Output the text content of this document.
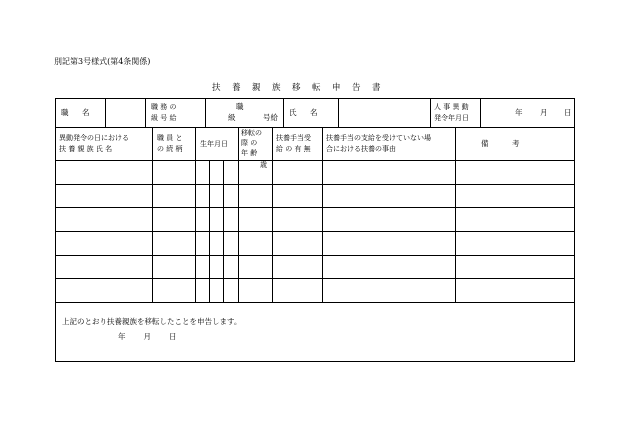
別記第3号様式(第4条関係)
扶養親族移転申告書
職　名
職 務 の
級 号 給
職
級	号給
氏　名
人 事 異 動
発令年月日
年 月 日
異動発令の日における
扶 養 親 族 氏 名
職 員 と
の 続 柄
生年月日
移転の
際 の
年 齢
歳
扶養手当受
給 の 有 無
扶養手当の支給を受けていない場
合における扶養の事由
備　考
上記のとおり扶養親族を移転したことを申告します。
年 月 日
